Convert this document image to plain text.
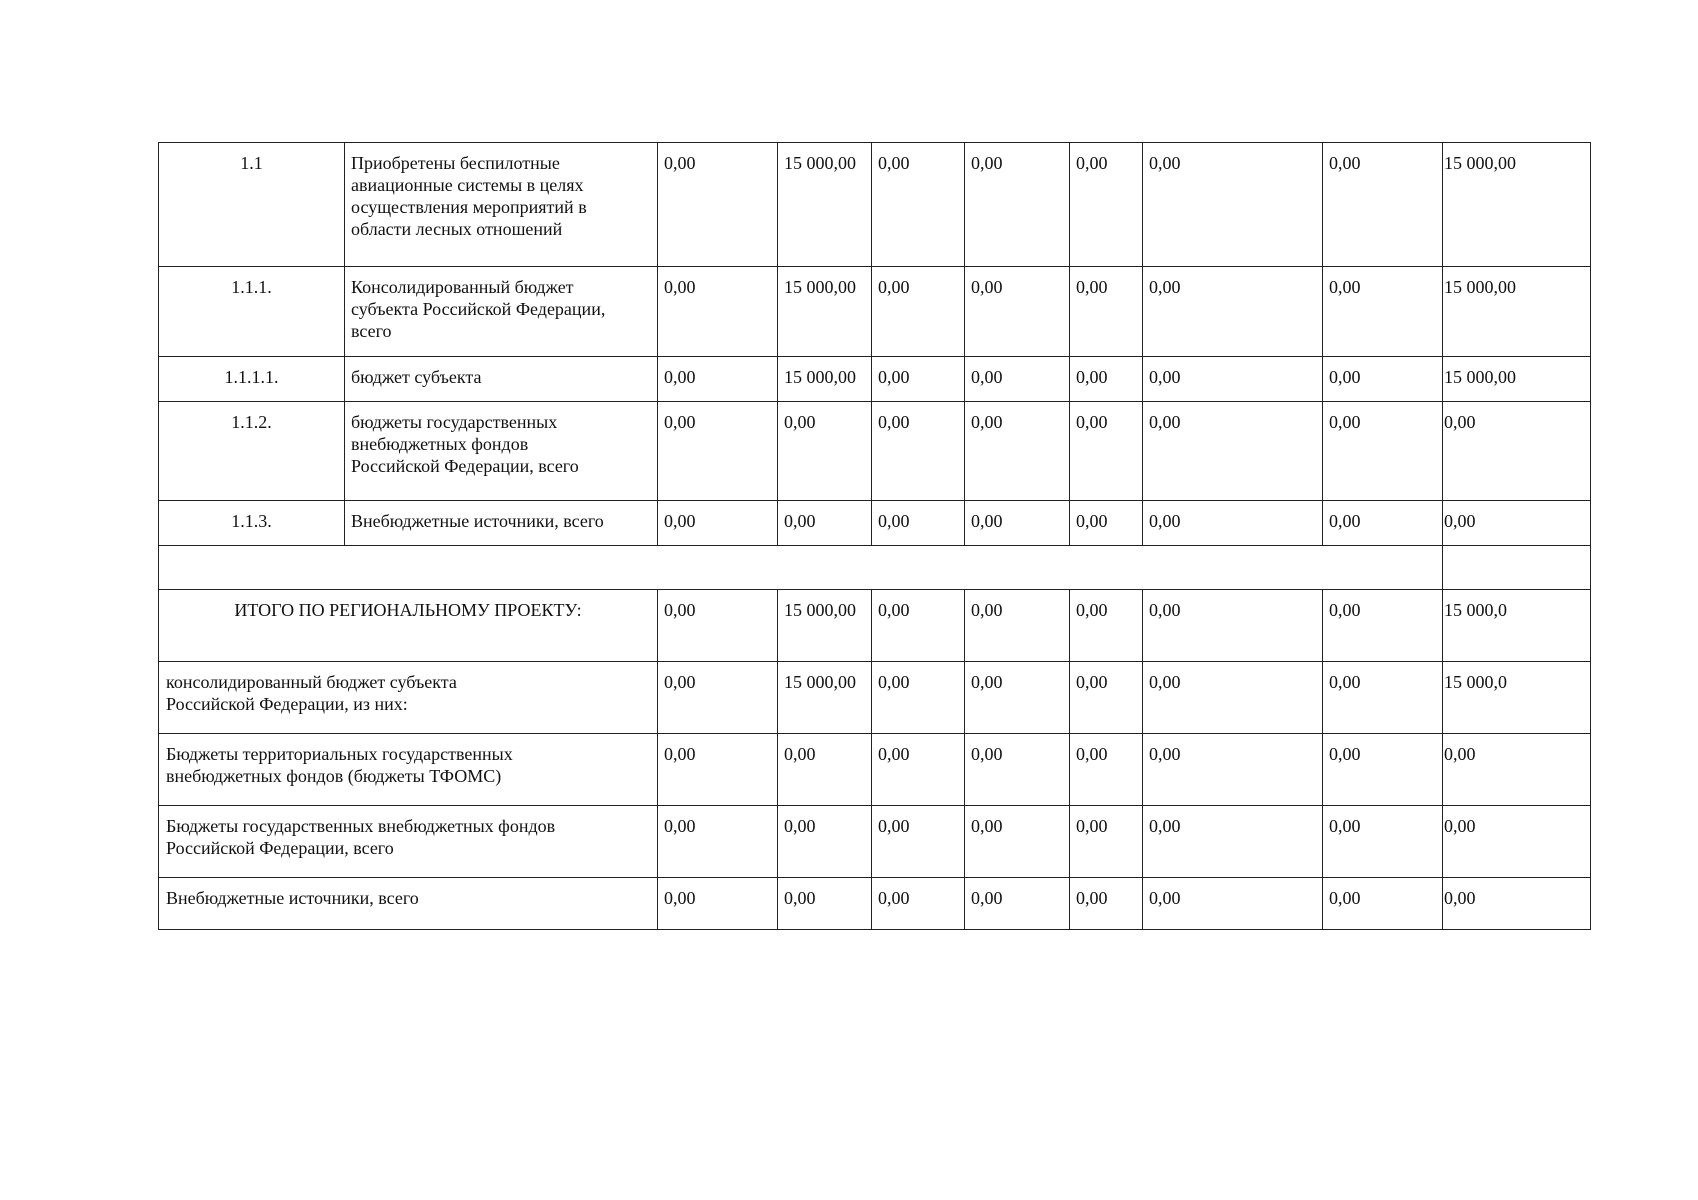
1.1	Приобретены беспилотные
авиационные системы в целях
осуществления мероприятий в
области лесных отношений	0,00	15 000,00	0,00	0,00	0,00	0,00	0,00	15 000,00
1.1.1.	Консолидированный бюджет
субъекта Российской Федерации,
всего	0,00	15 000,00	0,00	0,00	0,00	0,00	0,00	15 000,00
1.1.1.1.	бюджет субъекта	0,00	15 000,00	0,00	0,00	0,00	0,00	0,00	15 000,00
1.1.2.	бюджеты государственных
внебюджетных фондов
Российской Федерации, всего	0,00	0,00	0,00	0,00	0,00	0,00	0,00	0,00
1.1.3.	Внебюджетные источники, всего	0,00	0,00	0,00	0,00	0,00	0,00	0,00	0,00

ИТОГО ПО РЕГИОНАЛЬНОМУ ПРОЕКТУ:		0,00	15 000,00	0,00	0,00	0,00	0,00	0,00	15 000,0

консолидированный бюджет субъекта
Российской Федерации, из них:		0,00	15 000,00	0,00	0,00	0,00	0,00	0,00	15 000,0

Бюджеты территориальных государственных
внебюджетных фондов (бюджеты ТФОМС)		0,00	0,00	0,00	0,00	0,00	0,00	0,00	0,00

Бюджеты государственных внебюджетных фондов
Российской Федерации, всего		0,00	0,00	0,00	0,00	0,00	0,00	0,00	0,00

Внебюджетные источники, всего		0,00	0,00	0,00	0,00	0,00	0,00	0,00	0,00
